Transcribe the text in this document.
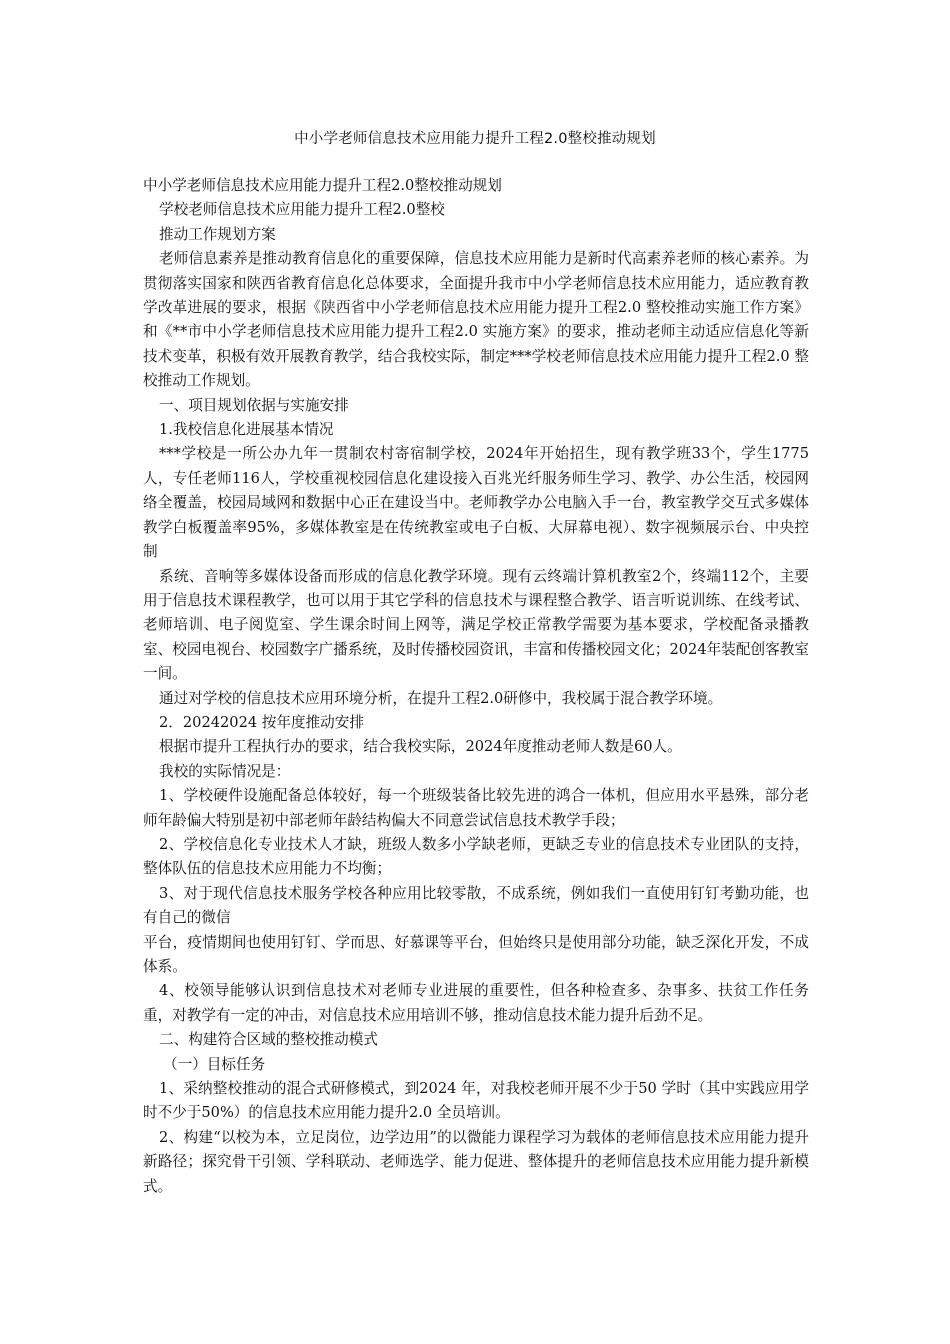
中小学老师信息技术应用能力提升工程2.0整校推动规划

中小学老师信息技术应用能力提升工程2.0整校推动规划

学校老师信息技术应用能力提升工程2.0整校

推动工作规划方案

老师信息素养是推动教育信息化的重要保障，信息技术应用能力是新时代高素养老师的核心素养。为贯彻落实国家和陕西省教育信息化总体要求，全面提升我市中小学老师信息技术应用能力，适应教育教学改革进展的要求，根据《陕西省中小学老师信息技术应用能力提升工程2.0 整校推动实施工作方案》和《**市中小学老师信息技术应用能力提升工程2.0 实施方案》的要求，推动老师主动适应信息化等新技术变革，积极有效开展教育教学，结合我校实际，制定***学校老师信息技术应用能力提升工程2.0 整校推动工作规划。

一、项目规划依据与实施安排

1.我校信息化进展基本情况

***学校是一所公办九年一贯制农村寄宿制学校，2024年开始招生，现有教学班33个，学生1775人，专任老师116人，学校重视校园信息化建设接入百兆光纤服务师生学习、教学、办公生活，校园网络全覆盖，校园局域网和数据中心正在建设当中。老师教学办公电脑入手一台，教室教学交互式多媒体教学白板覆盖率95%，多媒体教室是在传统教室或电子白板、大屏幕电视）、数字视频展示台、中央控制

系统、音响等多媒体设备而形成的信息化教学环境。现有云终端计算机教室2个，终端112个，主要用于信息技术课程教学，也可以用于其它学科的信息技术与课程整合教学、语言听说训练、在线考试、老师培训、电子阅览室、学生课余时间上网等，满足学校正常教学需要为基本要求，学校配备录播教室、校园电视台、校园数字广播系统，及时传播校园资讯，丰富和传播校园文化；2024年装配创客教室一间。

通过对学校的信息技术应用环境分析，在提升工程2.0研修中，我校属于混合教学环境。

2．20242024 按年度推动安排

根据市提升工程执行办的要求，结合我校实际，2024年度推动老师人数是60人。

我校的实际情况是：

1、学校硬件设施配备总体较好，每一个班级装备比较先进的鸿合一体机，但应用水平悬殊，部分老师年龄偏大特别是初中部老师年龄结构偏大不同意尝试信息技术教学手段；

2、学校信息化专业技术人才缺，班级人数多小学缺老师，更缺乏专业的信息技术专业团队的支持，整体队伍的信息技术应用能力不均衡；

3、对于现代信息技术服务学校各种应用比较零散，不成系统，例如我们一直使用钉钉考勤功能，也有自己的微信

平台，疫情期间也使用钉钉、学而思、好慕课等平台，但始终只是使用部分功能，缺乏深化开发，不成体系。

4、校领导能够认识到信息技术对老师专业进展的重要性，但各种检查多、杂事多、扶贫工作任务重，对教学有一定的冲击，对信息技术应用培训不够，推动信息技术能力提升后劲不足。

二、构建符合区域的整校推动模式

（一）目标任务

1、采纳整校推动的混合式研修模式，到2024 年，对我校老师开展不少于50 学时（其中实践应用学时不少于50%）的信息技术应用能力提升2.0 全员培训。

2、构建“以校为本，立足岗位，边学边用”的以微能力课程学习为载体的老师信息技术应用能力提升新路径；探究骨干引领、学科联动、老师选学、能力促进、整体提升的老师信息技术应用能力提升新模式。
